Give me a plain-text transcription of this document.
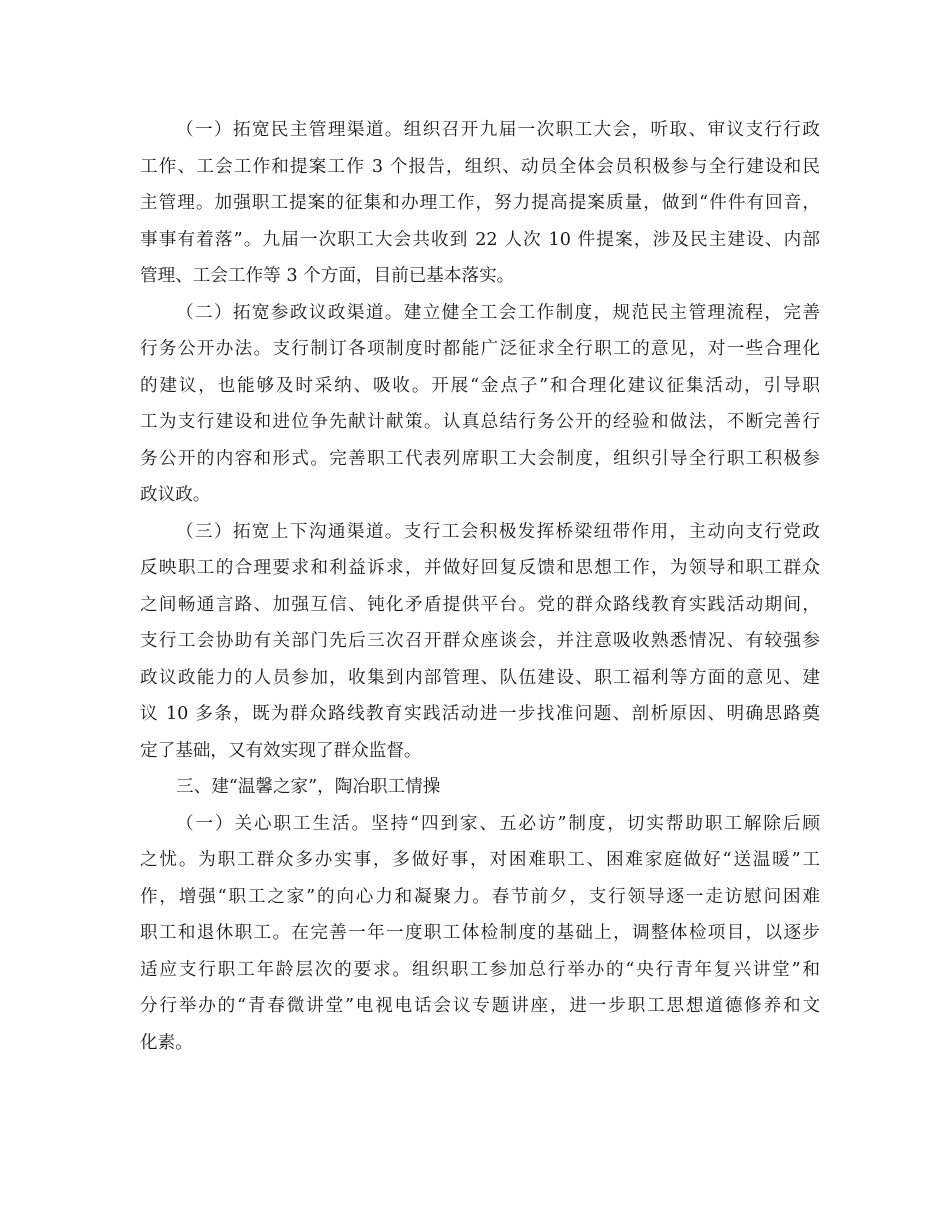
（一）拓宽民主管理渠道。组织召开九届一次职工大会，听取、审议支行行政
工作、工会工作和提案工作 3 个报告，组织、动员全体会员积极参与全行建设和民
主管理。加强职工提案的征集和办理工作，努力提高提案质量，做到“件件有回音，
事事有着落”。九届一次职工大会共收到 22 人次 10 件提案，涉及民主建设、内部
管理、工会工作等 3 个方面，目前已基本落实。
（二）拓宽参政议政渠道。建立健全工会工作制度，规范民主管理流程，完善
行务公开办法。支行制订各项制度时都能广泛征求全行职工的意见，对一些合理化
的建议，也能够及时采纳、吸收。开展“金点子”和合理化建议征集活动，引导职
工为支行建设和进位争先献计献策。认真总结行务公开的经验和做法，不断完善行
务公开的内容和形式。完善职工代表列席职工大会制度，组织引导全行职工积极参
政议政。
（三）拓宽上下沟通渠道。支行工会积极发挥桥梁纽带作用，主动向支行党政
反映职工的合理要求和利益诉求，并做好回复反馈和思想工作，为领导和职工群众
之间畅通言路、加强互信、钝化矛盾提供平台。党的群众路线教育实践活动期间，
支行工会协助有关部门先后三次召开群众座谈会，并注意吸收熟悉情况、有较强参
政议政能力的人员参加，收集到内部管理、队伍建设、职工福利等方面的意见、建
议 10 多条，既为群众路线教育实践活动进一步找准问题、剖析原因、明确思路奠
定了基础，又有效实现了群众监督。
三、建“温馨之家”，陶冶职工情操
（一）关心职工生活。坚持“四到家、五必访”制度，切实帮助职工解除后顾
之忧。为职工群众多办实事，多做好事，对困难职工、困难家庭做好“送温暖”工
作，增强“职工之家”的向心力和凝聚力。春节前夕，支行领导逐一走访慰问困难
职工和退休职工。在完善一年一度职工体检制度的基础上，调整体检项目，以逐步
适应支行职工年龄层次的要求。组织职工参加总行举办的“央行青年复兴讲堂”和
分行举办的“青春微讲堂”电视电话会议专题讲座，进一步职工思想道德修养和文
化素。
